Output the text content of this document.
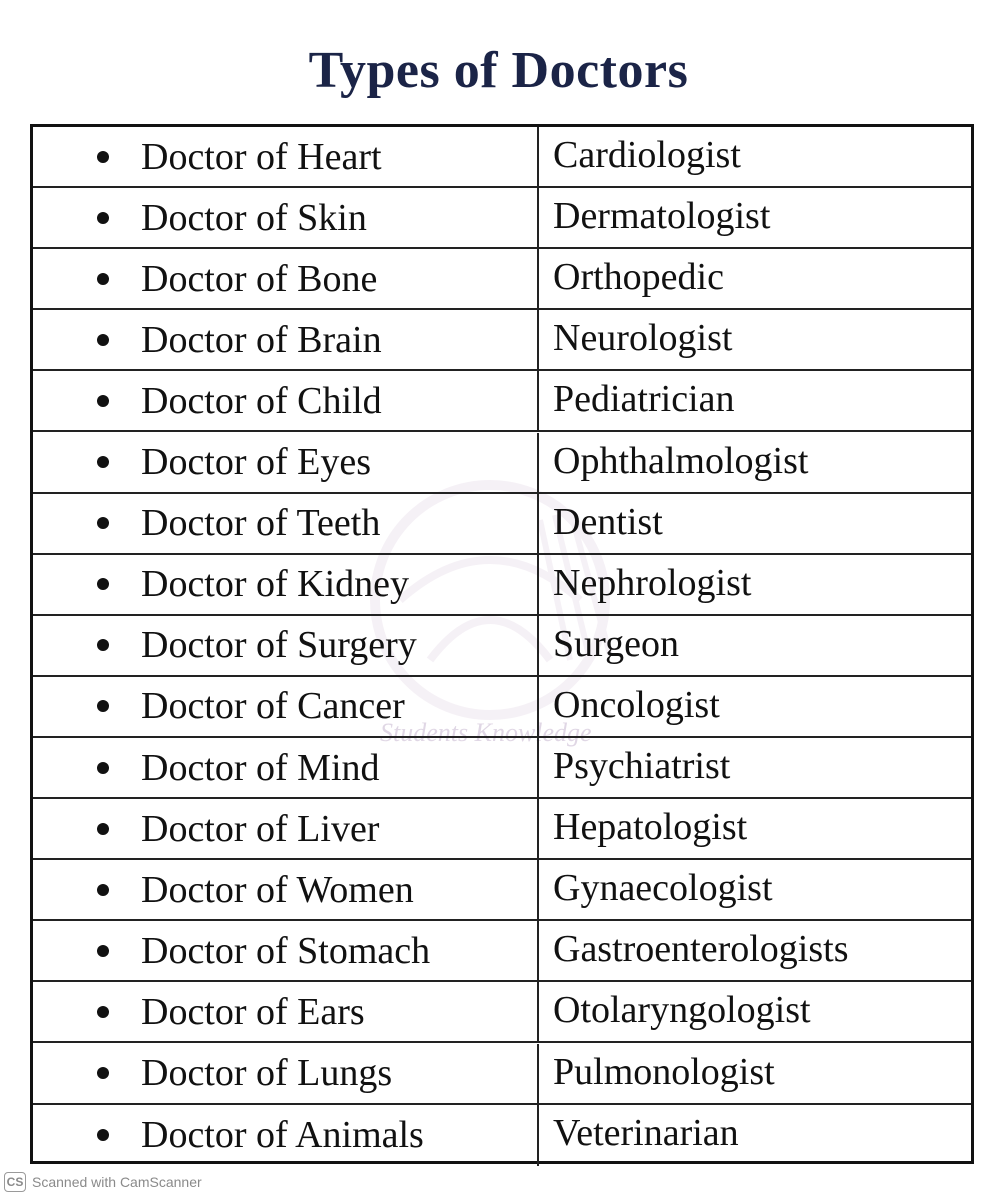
Types of Doctors
Students Knowledge
Doctor of Heart	Cardiologist
Doctor of Skin	Dermatologist
Doctor of Bone	Orthopedic
Doctor of Brain	Neurologist
Doctor of Child	Pediatrician
Doctor of Eyes	Ophthalmologist
Doctor of Teeth	Dentist
Doctor of Kidney	Nephrologist
Doctor of Surgery	Surgeon
Doctor of Cancer	Oncologist
Doctor of Mind	Psychiatrist
Doctor of Liver	Hepatologist
Doctor of Women	Gynaecologist
Doctor of Stomach	Gastroenterologists
Doctor of Ears	Otolaryngologist
Doctor of Lungs	Pulmonologist
Doctor of Animals	Veterinarian
CS Scanned with CamScanner
